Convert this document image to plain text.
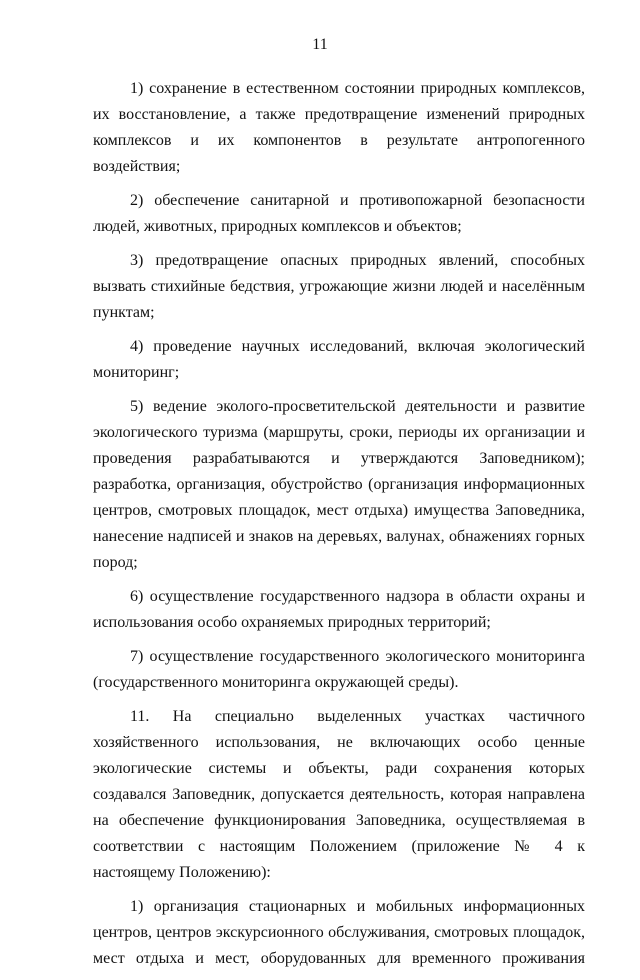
11

1) сохранение в естественном состоянии природных комплексов, их восстановление, а также предотвращение изменений природных комплексов и их компонентов в результате антропогенного воздействия;

2) обеспечение санитарной и противопожарной безопасности людей, животных, природных комплексов и объектов;

3) предотвращение опасных природных явлений, способных вызвать стихийные бедствия, угрожающие жизни людей и населённым пунктам;

4) проведение научных исследований, включая экологический мониторинг;

5) ведение эколого-просветительской деятельности и развитие экологического туризма (маршруты, сроки, периоды их организации и проведения разрабатываются и утверждаются Заповедником); разработка, организация, обустройство (организация информационных центров, смотровых площадок, мест отдыха) имущества Заповедника, нанесение надписей и знаков на деревьях, валунах, обнажениях горных пород;

6) осуществление государственного надзора в области охраны и использования особо охраняемых природных территорий;

7) осуществление государственного экологического мониторинга (государственного мониторинга окружающей среды).

11. На специально выделенных участках частичного хозяйственного использования, не включающих особо ценные экологические системы и объекты, ради сохранения которых создавался Заповедник, допускается деятельность, которая направлена на обеспечение функционирования Заповедника, осуществляемая в соответствии с настоящим Положением (приложение № 4 к настоящему Положению):

1) организация стационарных и мобильных информационных центров, центров экскурсионного обслуживания, смотровых площадок, мест отдыха и мест, оборудованных для временного проживания
